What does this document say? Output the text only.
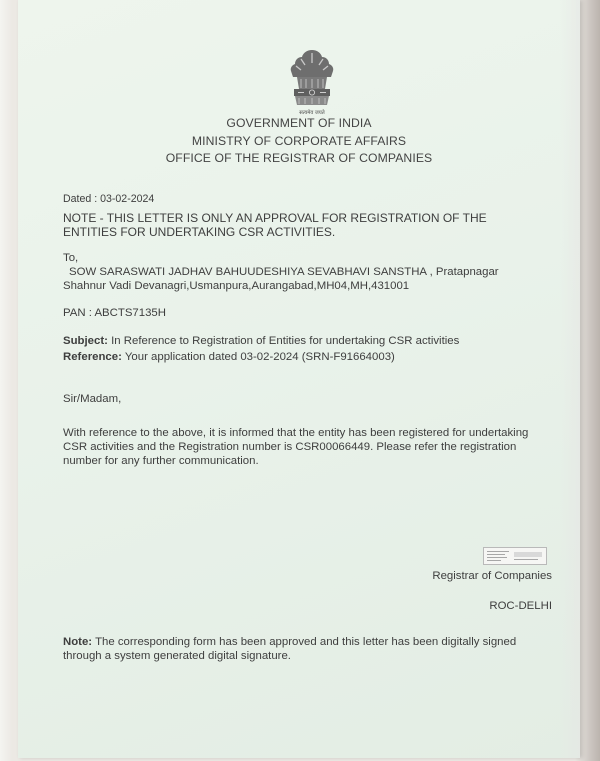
सत्यमेव जयते
GOVERNMENT OF INDIA
MINISTRY OF CORPORATE AFFAIRS
OFFICE OF THE REGISTRAR OF COMPANIES
Dated : 03-02-2024
NOTE - THIS LETTER IS ONLY AN APPROVAL FOR REGISTRATION OF THE
ENTITIES FOR UNDERTAKING CSR ACTIVITIES.
To,
SOW SARASWATI JADHAV BAHUUDESHIYA SEVABHAVI SANSTHA , Pratapnagar
Shahnur Vadi Devanagri,Usmanpura,Aurangabad,MH04,MH,431001
PAN : ABCTS7135H
Subject: In Reference to Registration of Entities for undertaking CSR activities
Reference: Your application dated 03-02-2024 (SRN-F91664003)
Sir/Madam,
With reference to the above, it is informed that the entity has been registered for undertaking
CSR activities and the Registration number is CSR00066449. Please refer the registration
number for any further communication.
Registrar of Companies
ROC-DELHI
Note: The corresponding form has been approved and this letter has been digitally signed
through a system generated digital signature.
